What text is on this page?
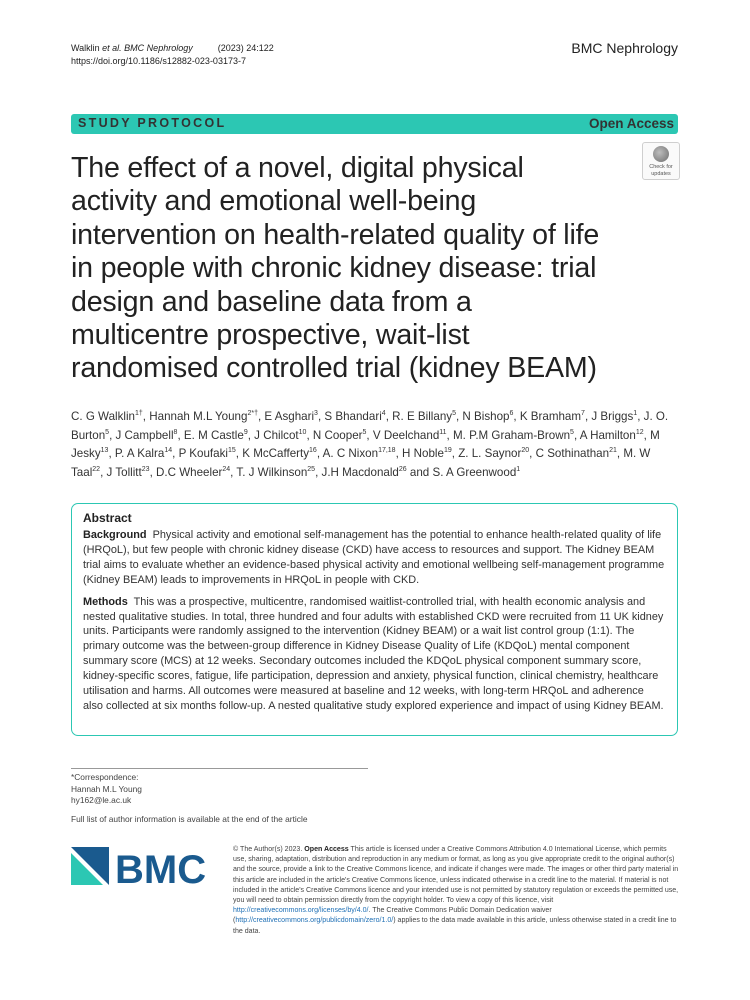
Walklin et al. BMC Nephrology          (2023) 24:122
https://doi.org/10.1186/s12882-023-03173-7
BMC Nephrology
STUDY PROTOCOL	Open Access
The effect of a novel, digital physical activity and emotional well-being intervention on health-related quality of life in people with chronic kidney disease: trial design and baseline data from a multicentre prospective, wait-list randomised controlled trial (kidney BEAM)
Check for
updates

C. G Walklin$^{1\dagger}$, Hannah M.L Young$^{2*\dagger}$, E Asghari$^3$, S Bhandari$^4$, R. E Billany$^5$, N Bishop$^6$, K Bramham$^7$, J Briggs$^1$, J. O. Burton$^5$, J Campbell$^8$, E. M Castle$^9$, J Chilcot$^{10}$, N Cooper$^5$, V Deelchand$^{11}$, M. P.M Graham-Brown$^5$, A Hamilton$^{12}$, M Jesky$^{13}$, P. A Kalra$^{14}$, P Koufaki$^{15}$, K McCafferty$^{16}$, A. C Nixon$^{17,18}$, H Noble$^{19}$, Z. L. Saynor$^{20}$, C Sothinathan$^{21}$, M. W Taal$^{22}$, J Tollitt$^{23}$, D.C Wheeler$^{24}$, T. J Wilkinson$^{25}$, J.H Macdonald$^{26}$ and S. A Greenwood$^1$

Abstract

Background Physical activity and emotional self-management has the potential to enhance health-related quality of life (HRQoL), but few people with chronic kidney disease (CKD) have access to resources and support. The Kidney BEAM trial aims to evaluate whether an evidence-based physical activity and emotional wellbeing self-management programme (Kidney BEAM) leads to improvements in HRQoL in people with CKD.

Methods This was a prospective, multicentre, randomised waitlist-controlled trial, with health economic analysis and nested qualitative studies. In total, three hundred and four adults with established CKD were recruited from 11 UK kidney units. Participants were randomly assigned to the intervention (Kidney BEAM) or a wait list control group (1:1). The primary outcome was the between-group difference in Kidney Disease Quality of Life (KDQoL) mental component summary score (MCS) at 12 weeks. Secondary outcomes included the KDQoL physical component summary score, kidney-specific scores, fatigue, life participation, depression and anxiety, physical function, clinical chemistry, healthcare utilisation and harms. All outcomes were measured at baseline and 12 weeks, with long-term HRQoL and adherence also collected at six months follow-up. A nested qualitative study explored experience and impact of using Kidney BEAM.

*Correspondence:
Hannah M.L Young
hy162@le.ac.uk
Full list of author information is available at the end of the article
BMC	© The Author(s) 2023. Open Access This article is licensed under a Creative Commons Attribution 4.0 International License, which permits use, sharing, adaptation, distribution and reproduction in any medium or format, as long as you give appropriate credit to the original author(s) and the source, provide a link to the Creative Commons licence, and indicate if changes were made. The images or other third party material in this article are included in the article's Creative Commons licence, unless indicated otherwise in a credit line to the material. If material is not included in the article's Creative Commons licence and your intended use is not permitted by statutory regulation or exceeds the permitted use, you will need to obtain permission directly from the copyright holder. To view a copy of this licence, visit http://creativecommons.org/licenses/by/4.0/. The Creative Commons Public Domain Dedication waiver (http://creativecommons.org/publicdomain/zero/1.0/) applies to the data made available in this article, unless otherwise stated in a credit line to the data.
